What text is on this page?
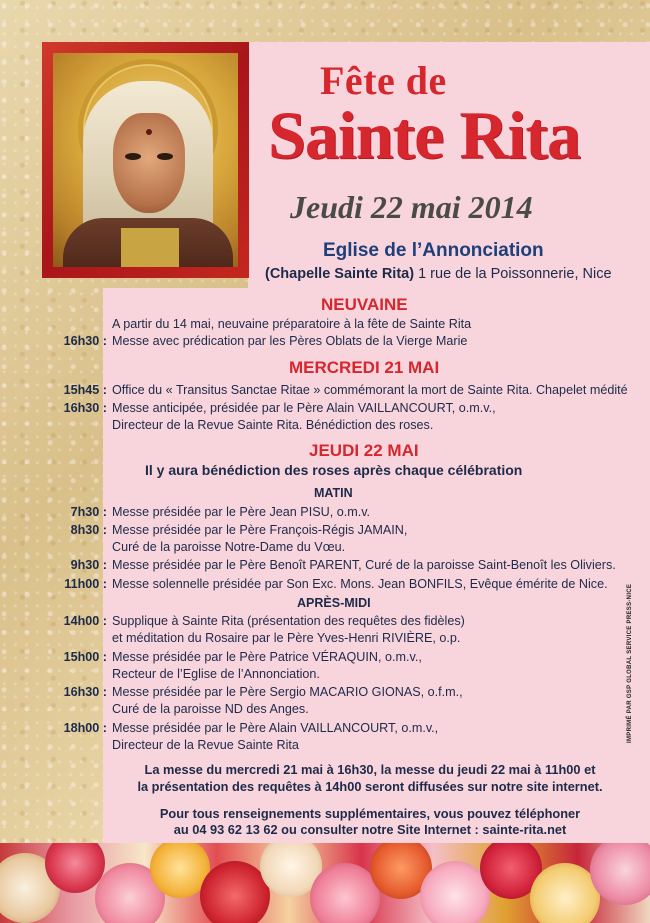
Fête de
Sainte Rita
Jeudi 22 mai 2014
Eglise de l’Annonciation
(Chapelle Sainte Rita) 1 rue de la Poissonnerie, Nice
NEUVAINE
A partir du 14 mai, neuvaine préparatoire à la fête de Sainte Rita
16h30 : Messe avec prédication par les Pères Oblats de la Vierge Marie
MERCREDI 21 MAI
15h45 : Office du « Transitus Sanctae Ritae » commémorant la mort de Sainte Rita. Chapelet médité
16h30 : Messe anticipée, présidée par le Père Alain VAILLANCOURT, o.m.v.,
Directeur de la Revue Sainte Rita. Bénédiction des roses.
JEUDI 22 MAI
Il y aura bénédiction des roses après chaque célébration
MATIN
7h30 : Messe présidée par le Père Jean PISU, o.m.v.
8h30 : Messe présidée par le Père François-Régis JAMAIN,
Curé de la paroisse Notre-Dame du Vœu.
9h30 : Messe présidée par le Père Benoît PARENT, Curé de la paroisse Saint-Benoît les Oliviers.
11h00 : Messe solennelle présidée par Son Exc. Mons. Jean BONFILS, Evêque émérite de Nice.
APRÈS-MIDI
14h00 : Supplique à Sainte Rita (présentation des requêtes des fidèles)
et méditation du Rosaire par le Père Yves-Henri RIVIÈRE, o.p.
15h00 : Messe présidée par le Père Patrice VÉRAQUIN, o.m.v.,
Recteur de l’Eglise de l’Annonciation.
16h30 : Messe présidée par le Père Sergio MACARIO GIONAS, o.f.m.,
Curé de la paroisse ND des Anges.
18h00 : Messe présidée par le Père Alain VAILLANCOURT, o.m.v.,
Directeur de la Revue Sainte Rita
La messe du mercredi 21 mai à 16h30, la messe du jeudi 22 mai à 11h00 et
la présentation des requêtes à 14h00 seront diffusées sur notre site internet.
Pour tous renseignements supplémentaires, vous pouvez téléphoner
au 04 93 62 13 62 ou consulter notre Site Internet : sainte-rita.net
IMPRIMÉ PAR GSP GLOBAL SERVICE PRESS-NICE
